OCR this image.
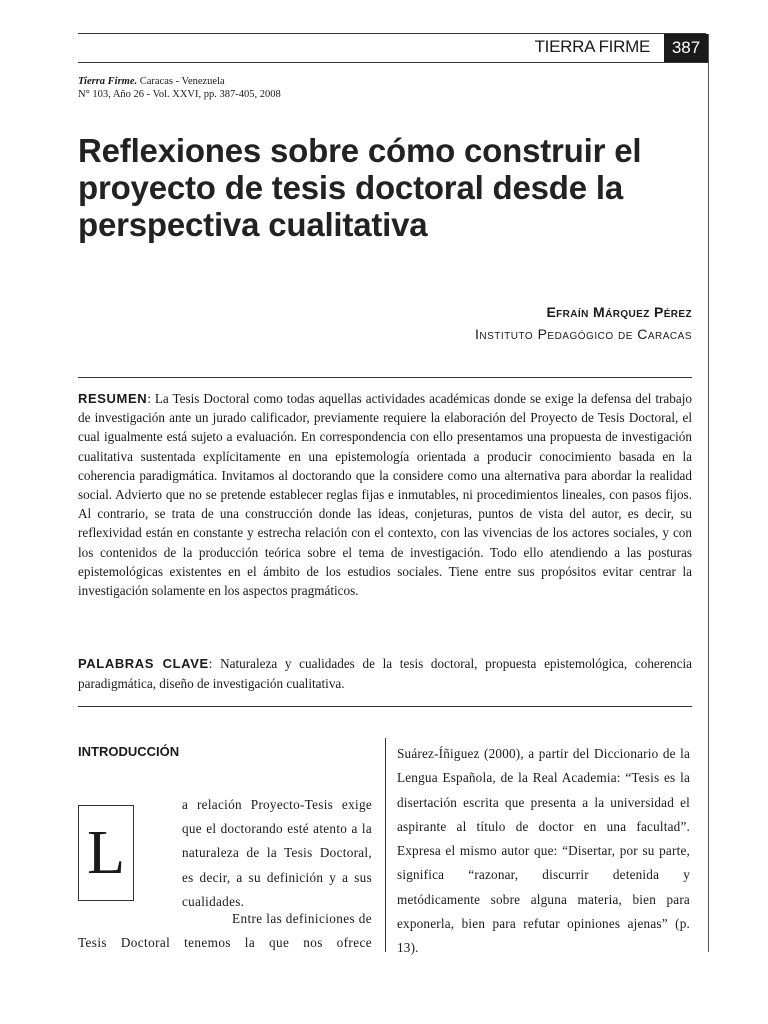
TIERRA FIRME	387
Tierra Firme. Caracas - Venezuela
N° 103, Año 26 - Vol. XXVI, pp. 387-405, 2008
Reflexiones sobre cómo construir el proyecto de tesis doctoral desde la perspectiva cualitativa
Efraín Márquez Pérez
Instituto Pedagógico de Caracas
RESUMEN: La Tesis Doctoral como todas aquellas actividades académicas donde se exige la defensa del trabajo de investigación ante un jurado calificador, previamente requiere la elaboración del Proyecto de Tesis Doctoral, el cual igualmente está sujeto a evaluación. En correspondencia con ello presentamos una propuesta de investigación cualitativa sustentada explícitamente en una epistemología orientada a producir conocimiento basada en la coherencia paradigmática. Invitamos al doctorando que la considere como una alternativa para abordar la realidad social. Advierto que no se pretende establecer reglas fijas e inmutables, ni procedimientos lineales, con pasos fijos. Al contrario, se trata de una construcción donde las ideas, conjeturas, puntos de vista del autor, es decir, su reflexividad están en constante y estrecha relación con el contexto, con las vivencias de los actores sociales, y con los contenidos de la producción teórica sobre el tema de investigación. Todo ello atendiendo a las posturas epistemológicas existentes en el ámbito de los estudios sociales. Tiene entre sus propósitos evitar centrar la investigación solamente en los aspectos pragmáticos.
PALABRAS CLAVE: Naturaleza y cualidades de la tesis doctoral, propuesta epistemológica, coherencia paradigmática, diseño de investigación cualitativa.
INTRODUCCIÓN
L
a relación Proyecto-Tesis exige que el doctorando esté atento a la naturaleza de la Tesis Doctoral, es decir, a su definición y a sus cualidades.
Entre las definiciones de
Tesis Doctoral tenemos la que nos ofrece
Suárez-Íñiguez (2000), a partir del Diccionario de la Lengua Española, de la Real Academia: “Tesis es la disertación escrita que presenta a la universidad el aspirante al título de doctor en una facultad”. Expresa el mismo autor que: “Disertar, por su parte, significa “razonar, discurrir detenida y metódicamente sobre alguna materia, bien para exponerla, bien para refutar opiniones ajenas” (p. 13).
